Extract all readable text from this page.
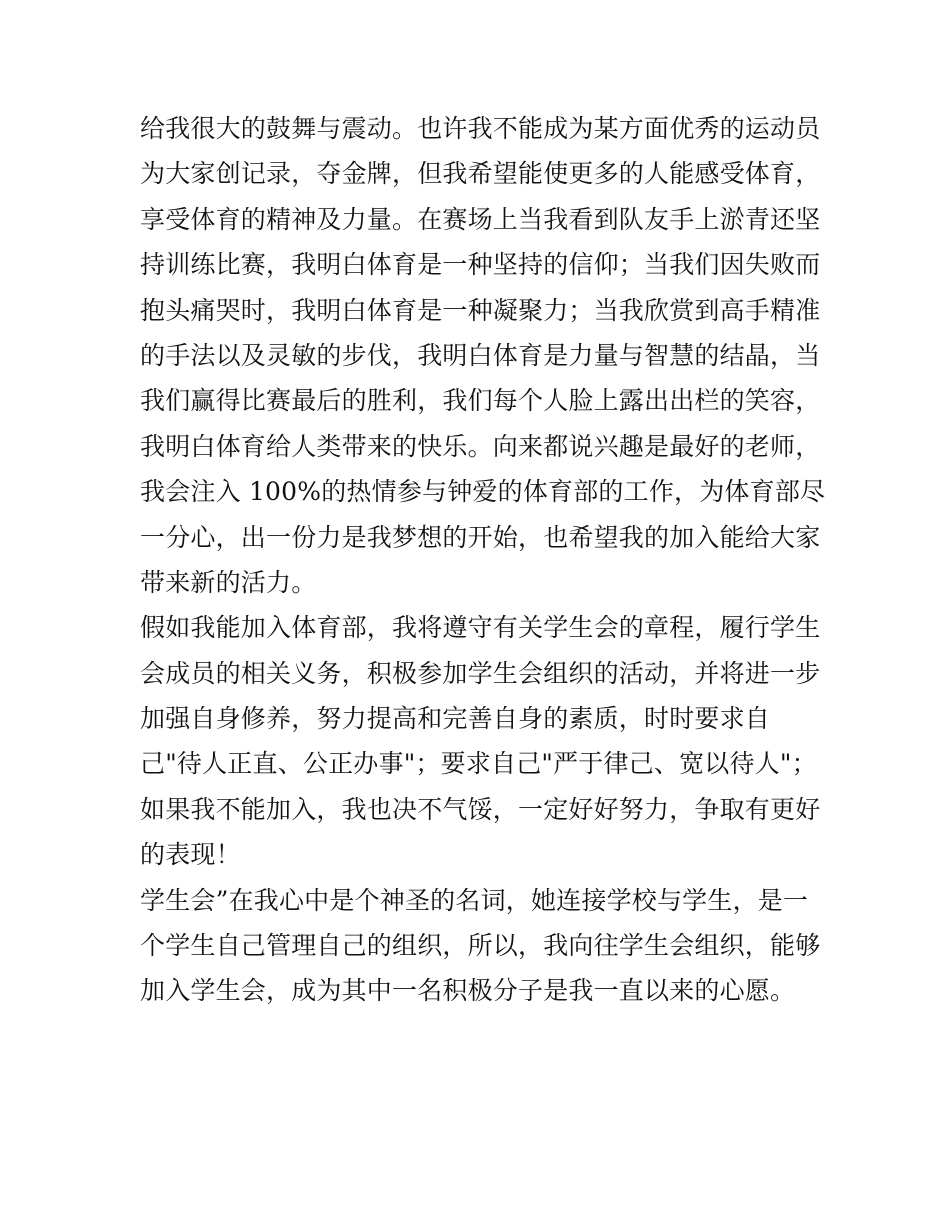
给我很大的鼓舞与震动。也许我不能成为某方面优秀的运动员
为大家创记录，夺金牌，但我希望能使更多的人能感受体育，
享受体育的精神及力量。在赛场上当我看到队友手上淤青还坚
持训练比赛，我明白体育是一种坚持的信仰；当我们因失败而
抱头痛哭时，我明白体育是一种凝聚力；当我欣赏到高手精准
的手法以及灵敏的步伐，我明白体育是力量与智慧的结晶，当
我们赢得比赛最后的胜利，我们每个人脸上露出出栏的笑容，
我明白体育给人类带来的快乐。向来都说兴趣是最好的老师，
我会注入 100%的热情参与钟爱的体育部的工作，为体育部尽
一分心，出一份力是我梦想的开始，也希望我的加入能给大家
带来新的活力。
假如我能加入体育部，我将遵守有关学生会的章程，履行学生
会成员的相关义务，积极参加学生会组织的活动，并将进一步
加强自身修养，努力提高和完善自身的素质，时时要求自
己"待人正直、公正办事"；要求自己"严于律己、宽以待人"；
如果我不能加入，我也决不气馁，一定好好努力，争取有更好
的表现！
学生会”在我心中是个神圣的名词，她连接学校与学生，是一
个学生自己管理自己的组织，所以，我向往学生会组织，能够
加入学生会，成为其中一名积极分子是我一直以来的心愿。
